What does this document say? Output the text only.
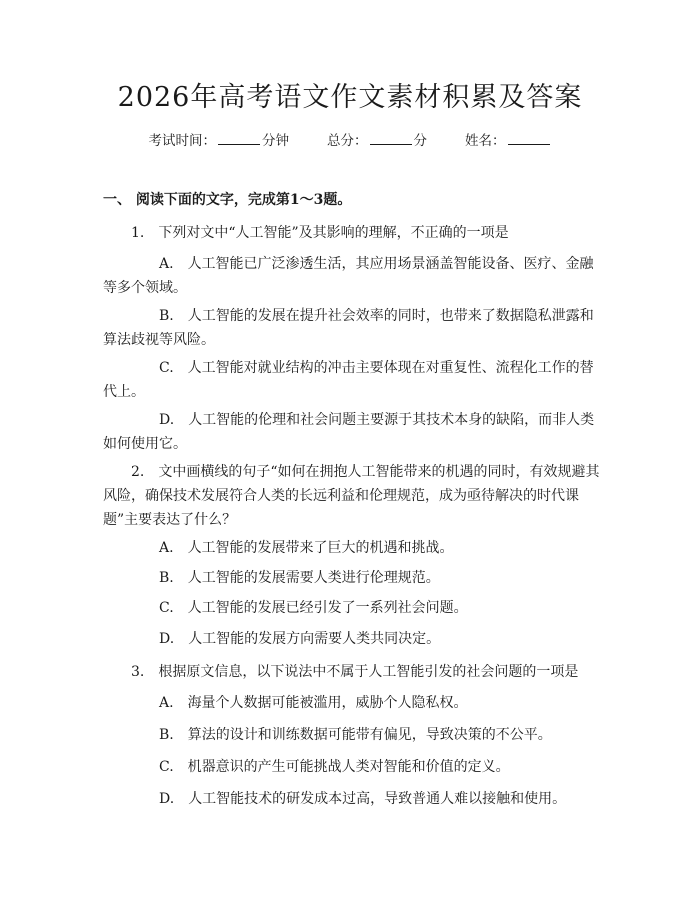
2026年高考语文作文素材积累及答案
考试时间：	分钟	总分：	分	姓名：
一、 阅读下面的文字，完成第1～3题。
1. 下列对文中“人工智能”及其影响的理解，不正确的一项是
A. 人工智能已广泛渗透生活，其应用场景涵盖智能设备、医疗、金融等多个领域。
B. 人工智能的发展在提升社会效率的同时，也带来了数据隐私泄露和算法歧视等风险。
C. 人工智能对就业结构的冲击主要体现在对重复性、流程化工作的替代上。
D. 人工智能的伦理和社会问题主要源于其技术本身的缺陷，而非人类如何使用它。
2. 文中画横线的句子“如何在拥抱人工智能带来的机遇的同时，有效规避其风险，确保技术发展符合人类的长远利益和伦理规范，成为亟待解决的时代课题”主要表达了什么？
A. 人工智能的发展带来了巨大的机遇和挑战。
B. 人工智能的发展需要人类进行伦理规范。
C. 人工智能的发展已经引发了一系列社会问题。
D. 人工智能的发展方向需要人类共同决定。
3. 根据原文信息，以下说法中不属于人工智能引发的社会问题的一项是
A. 海量个人数据可能被滥用，威胁个人隐私权。
B. 算法的设计和训练数据可能带有偏见，导致决策的不公平。
C. 机器意识的产生可能挑战人类对智能和价值的定义。
D. 人工智能技术的研发成本过高，导致普通人难以接触和使用。
